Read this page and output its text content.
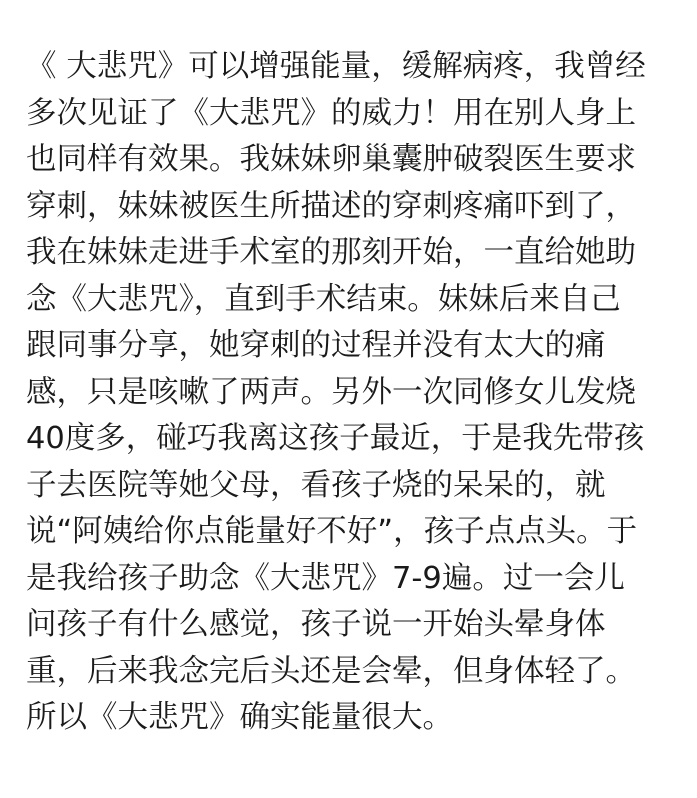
《 大悲咒》可以增强能量，缓解病疼，我曾经
多次见证了《大悲咒》的威力！用在别人身上
也同样有效果。我妹妹卵巢囊肿破裂医生要求
穿刺，妹妹被医生所描述的穿刺疼痛吓到了，
我在妹妹走进手术室的那刻开始，一直给她助
念《大悲咒》，直到手术结束。妹妹后来自己
跟同事分享，她穿刺的过程并没有太大的痛
感，只是咳嗽了两声。另外一次同修女儿发烧
40度多，碰巧我离这孩子最近，于是我先带孩
子去医院等她父母，看孩子烧的呆呆的，就
说“阿姨给你点能量好不好”，孩子点点头。于
是我给孩子助念《大悲咒》7-9遍。过一会儿
问孩子有什么感觉，孩子说一开始头晕身体
重，后来我念完后头还是会晕，但身体轻了。
所以《大悲咒》确实能量很大。
